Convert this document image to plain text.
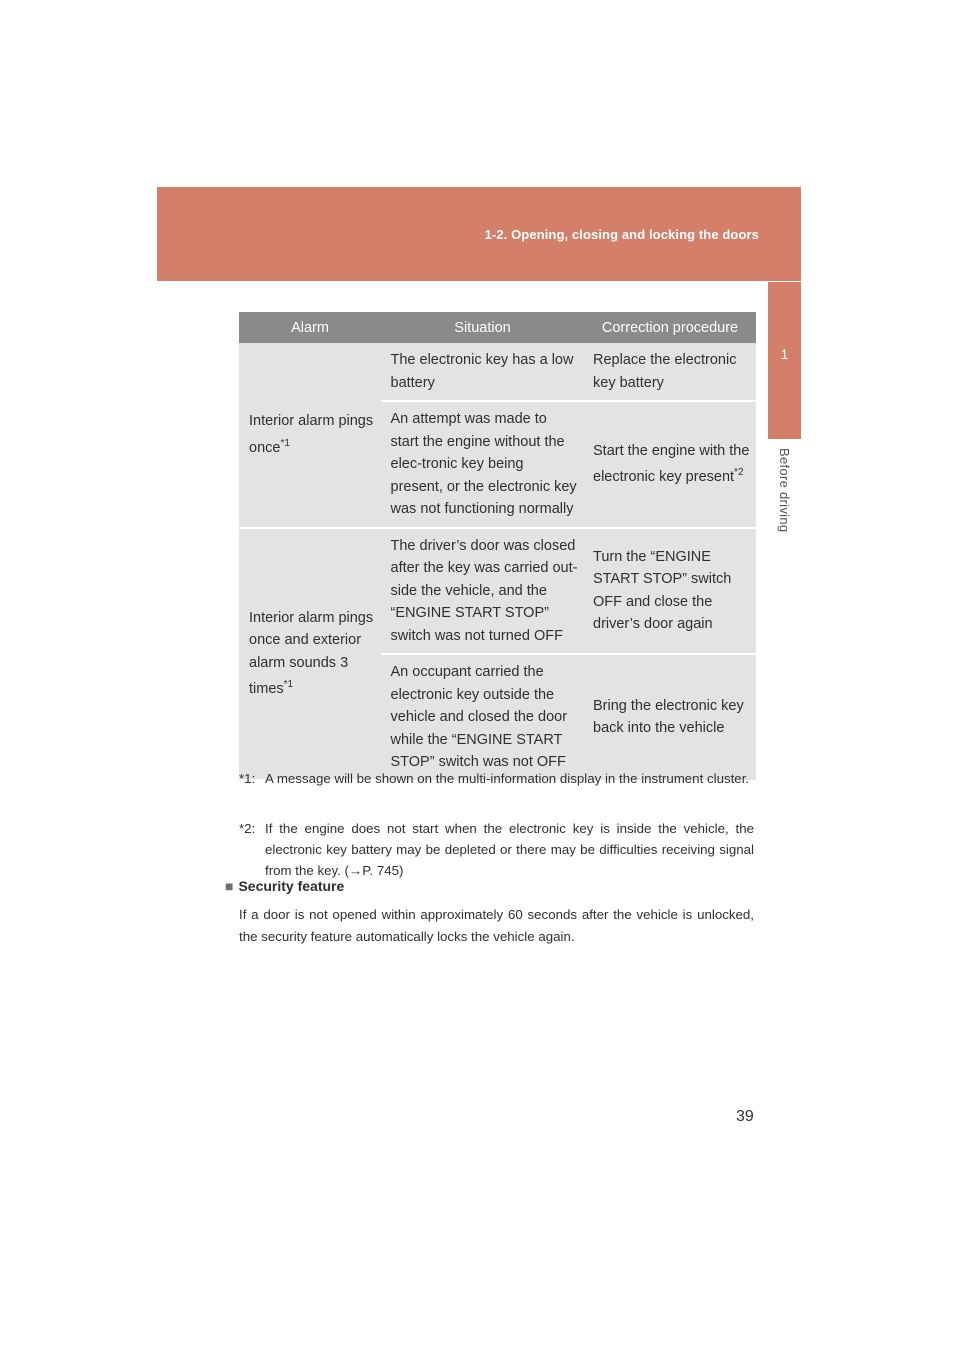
1-2. Opening, closing and locking the doors
1
Before driving
Alarm	Situation	Correction procedure
Interior alarm pings once$^{*1}$	The electronic key has a low battery	Replace the electronic key battery
	An attempt was made to start the engine without the elec-tronic key being present, or the electronic key was not functioning normally	Start the engine with the electronic key present$^{*2}$
Interior alarm pings once and exterior alarm sounds 3 times$^{*1}$	The driver’s door was closed after the key was carried out-side the vehicle, and the “ENGINE START STOP” switch was not turned OFF	Turn the “ENGINE START STOP” switch OFF and close the driver’s door again
	An occupant carried the electronic key outside the vehicle and closed the door while the “ENGINE START STOP” switch was not OFF	Bring the electronic key back into the vehicle
*1: A message will be shown on the multi-information display in the instrument cluster.
*2: If the engine does not start when the electronic key is inside the vehicle, the electronic key battery may be depleted or there may be difficulties receiving signal from the key. (→P. 745)
■ Security feature
If a door is not opened within approximately 60 seconds after the vehicle is unlocked, the security feature automatically locks the vehicle again.
39
